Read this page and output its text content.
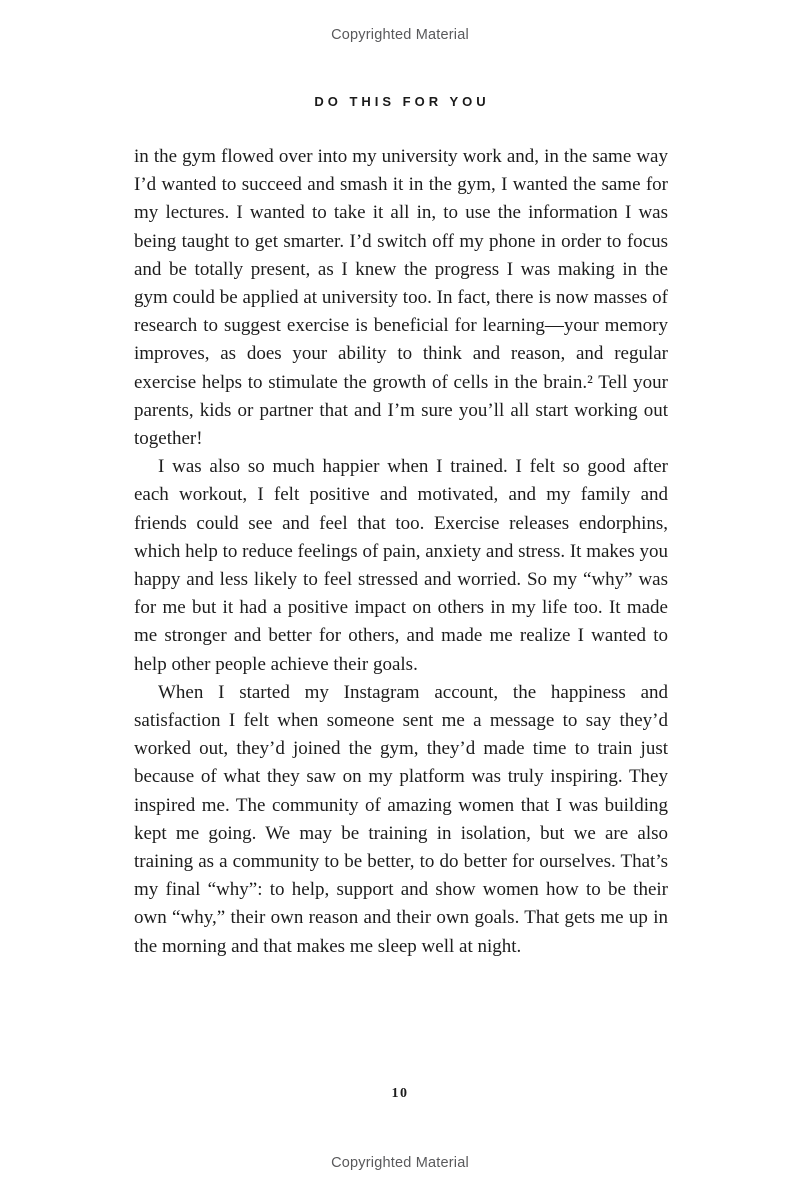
Copyrighted Material
DO THIS FOR YOU

in the gym flowed over into my university work and, in the same way I’d wanted to succeed and smash it in the gym, I wanted the same for my lectures. I wanted to take it all in, to use the information I was being taught to get smarter. I’d switch off my phone in order to focus and be totally present, as I knew the progress I was making in the gym could be applied at university too. In fact, there is now masses of research to suggest exercise is beneficial for learning—your memory improves, as does your ability to think and reason, and regular exercise helps to stimulate the growth of cells in the brain.² Tell your parents, kids or partner that and I’m sure you’ll all start working out together!

I was also so much happier when I trained. I felt so good after each workout, I felt positive and motivated, and my family and friends could see and feel that too. Exercise releases endorphins, which help to reduce feelings of pain, anxiety and stress. It makes you happy and less likely to feel stressed and worried. So my “why” was for me but it had a positive impact on others in my life too. It made me stronger and better for others, and made me realize I wanted to help other people achieve their goals.

When I started my Instagram account, the happiness and satisfaction I felt when someone sent me a message to say they’d worked out, they’d joined the gym, they’d made time to train just because of what they saw on my platform was truly inspiring. They inspired me. The community of amazing women that I was building kept me going. We may be training in isolation, but we are also training as a community to be better, to do better for ourselves. That’s my final “why”: to help, support and show women how to be their own “why,” their own reason and their own goals. That gets me up in the morning and that makes me sleep well at night.

10
Copyrighted Material
